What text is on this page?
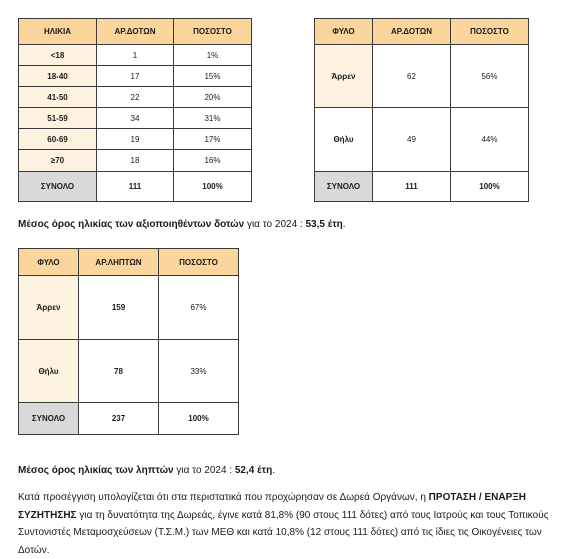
ΗΛΙΚΙΑ	ΑΡ.ΔΟΤΩΝ	ΠΟΣΟΣΤΟ
<18	1	1%
18-40	17	15%
41-50	22	20%
51-59	34	31%
60-69	19	17%
≥70	18	16%
ΣΥΝΟΛΟ	111	100%
ΦΥΛΟ	ΑΡ.ΔΟΤΩΝ	ΠΟΣΟΣΤΟ
Άρρεν	62	56%
Θήλυ	49	44%
ΣΥΝΟΛΟ	111	100%
Μέσος όρος ηλικίας των αξιοποιηθέντων δοτών για το 2024 : 53,5 έτη.
ΦΥΛΟ	ΑΡ.ΛΗΠΤΩΝ	ΠΟΣΟΣΤΟ
Άρρεν	159	67%
Θήλυ	78	33%
ΣΥΝΟΛΟ	237	100%
Μέσος όρος ηλικίας των ληπτών για το 2024 : 52,4 έτη.
Κατά προσέγγιση υπολογίζεται ότι στα περιστατικά που προχώρησαν σε Δωρεά Οργάνων, η ΠΡΟΤΑΣΗ / ΕΝΑΡΞΗ ΣΥΖΗΤΗΣΗΣ για τη δυνατότητα της Δωρεάς, έγινε κατά 81,8% (90 στους 111 δότες) από τους Ιατρούς και τους Τοπικούς Συντονιστές Μεταμοσχεύσεων (Τ.Σ.Μ.) των ΜΕΘ και κατά 10,8% (12 στους 111 δότες) από τις ίδιες τις Οικογένειες των Δοτών.
